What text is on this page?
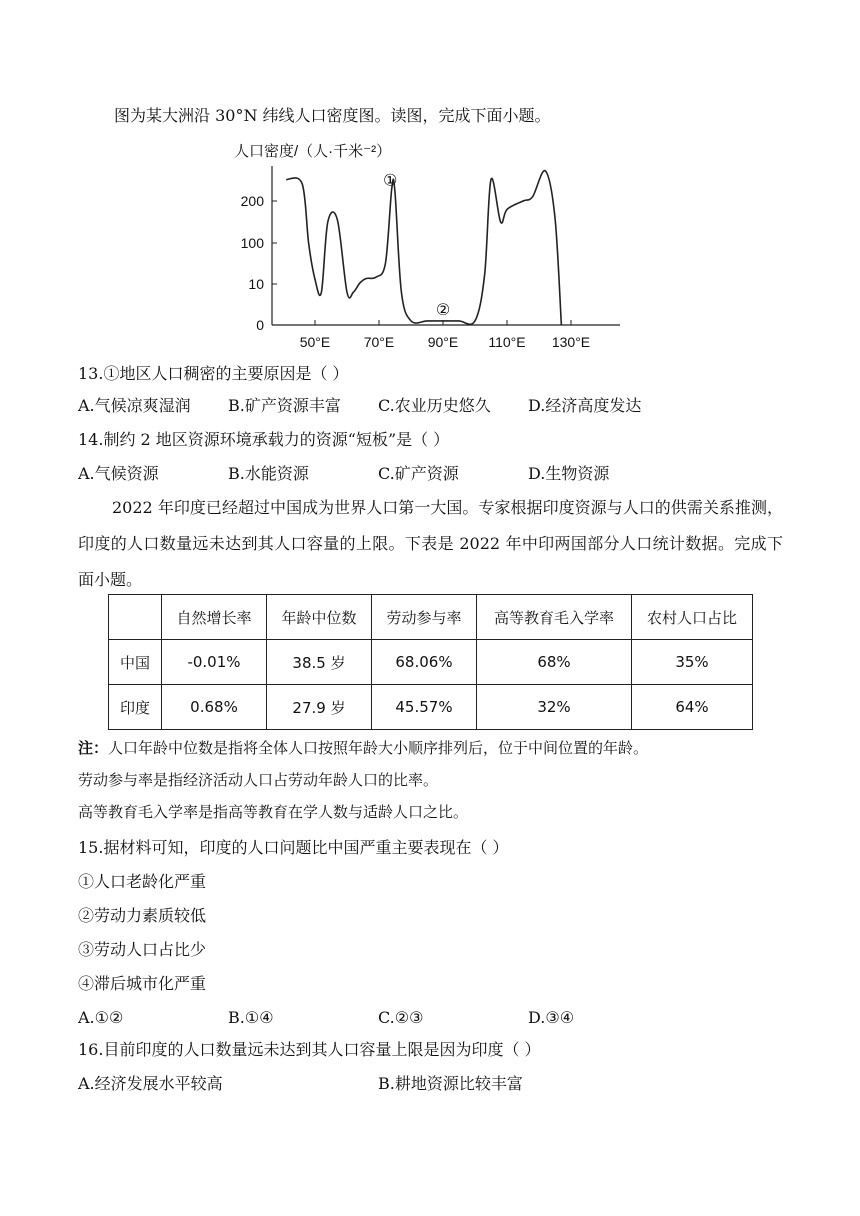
图为某大洲沿 30°N 纬线人口密度图。读图，完成下面小题。
人口密度/（人·千米⁻²）
0
10
100
200
50°E 70°E 90°E 110°E 130°E
①
②
13.①地区人口稠密的主要原因是（ ）
A.气候凉爽湿润 B.矿产资源丰富 C.农业历史悠久 D.经济高度发达
14.制约 2 地区资源环境承载力的资源“短板”是（ ）
A.气候资源	B.水能资源	C.矿产资源	D.生物资源
2022 年印度已经超过中国成为世界人口第一大国。专家根据印度资源与人口的供需关系推测，印度的人口数量远未达到其人口容量的上限。下表是 2022 年中印两国部分人口统计数据。完成下面小题。
	自然增长率	年龄中位数	劳动参与率	高等教育毛入学率	农村人口占比
中国	-0.01%	38.5 岁	68.06%	68%	35%
印度	0.68%	27.9 岁	45.57%	32%	64%
注：人口年龄中位数是指将全体人口按照年龄大小顺序排列后，位于中间位置的年龄。
劳动参与率是指经济活动人口占劳动年龄人口的比率。
高等教育毛入学率是指高等教育在学人数与适龄人口之比。
15.据材料可知，印度的人口问题比中国严重主要表现在（ ）
①人口老龄化严重
②劳动力素质较低
③劳动人口占比少
④滞后城市化严重
A.①②	B.①④	C.②③	D.③④
16.目前印度的人口数量远未达到其人口容量上限是因为印度（ ）
A.经济发展水平较高	B.耕地资源比较丰富
